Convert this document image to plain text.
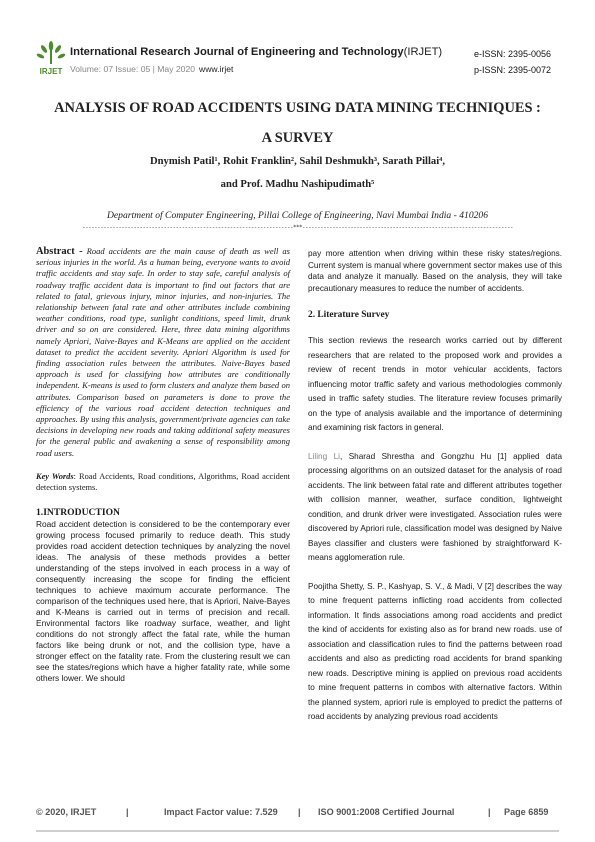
IRJET
International Research Journal of Engineering and Technology(IRJET)
Volume: 07 Issue: 05 | May 2020 www.irjet
e-ISSN: 2395-0056
p-ISSN: 2395-0072
ANALYSIS OF ROAD ACCIDENTS USING DATA MINING TECHNIQUES :
A SURVEY
Dnymish Patil¹, Rohit Franklin², Sahil Deshmukh³, Sarath Pillai⁴,
and Prof. Madhu Nashipudimath⁵
Department of Computer Engineering, Pillai College of Engineering, Navi Mumbai India - 410206
----------------------------------------------------------------------***----------------------------------------------------------------------

Abstract - Road accidents are the main cause of death as well as serious injuries in the world. As a human being, everyone wants to avoid traffic accidents and stay safe. In order to stay safe, careful analysis of roadway traffic accident data is important to find out factors that are related to fatal, grievous injury, minor injuries, and non-injuries. The relationship between fatal rate and other attributes include combining weather conditions, road type, sunlight conditions, speed limit, drunk driver and so on are considered. Here, three data mining algorithms namely Apriori, Naive-Bayes and K-Means are applied on the accident dataset to predict the accident severity. Apriori Algorithm is used for finding association rules between the attributes. Naive-Bayes based approach is used for classifying how attributes are conditionally independent. K-means is used to form clusters and analyze them based on attributes. Comparison based on parameters is done to prove the efficiency of the various road accident detection techniques and approaches. By using this analysis, government/private agencies can take decisions in developing new roads and taking additional safety measures for the general public and awakening a sense of responsibility among road users.

Key Words: Road Accidents, Road conditions, Algorithms, Road accident detection systems.

1.INTRODUCTION

Road accident detection is considered to be the contemporary ever growing process focused primarily to reduce death. This study provides road accident detection techniques by analyzing the novel ideas. The analysis of these methods provides a better understanding of the steps involved in each process in a way of consequently increasing the scope for finding the efficient techniques to achieve maximum accurate performance. The comparison of the techniques used here, that is Apriori, Naive-Bayes and K-Means is carried out in terms of precision and recall. Environmental factors like roadway surface, weather, and light conditions do not strongly affect the fatal rate, while the human factors like being drunk or not, and the collision type, have a stronger effect on the fatality rate. From the clustering result we can see the states/regions which have a higher fatality rate, while some others lower. We should

pay more attention when driving within these risky states/regions. Current system is manual where government sector makes use of this data and analyze it manually. Based on the analysis, they will take precautionary measures to reduce the number of accidents.

2. Literature Survey

This section reviews the research works carried out by different researchers that are related to the proposed work and provides a review of recent trends in motor vehicular accidents, factors influencing motor traffic safety and various methodologies commonly used in traffic safety studies. The literature review focuses primarily on the type of analysis available and the importance of determining and examining risk factors in general.

Liling Li, Sharad Shrestha and Gongzhu Hu [1] applied data processing algorithms on an outsized dataset for the analysis of road accidents. The link between fatal rate and different attributes together with collision manner, weather, surface condition, lightweight condition, and drunk driver were investigated. Association rules were discovered by Apriori rule, classification model was designed by Naive Bayes classifier and clusters were fashioned by straightforward K-means agglomeration rule.

Poojitha Shetty, S. P., Kashyap, S. V., & Madi, V [2] describes the way to mine frequent patterns inflicting road accidents from collected information. It finds associations among road accidents and predict the kind of accidents for existing also as for brand new roads. use of association and classification rules to find the patterns between road accidents and also as predicting road accidents for brand spanking new roads. Descriptive mining is applied on previous road accidents to mine frequent patterns in combos with alternative factors. Within the planned system, apriori rule is employed to predict the patterns of road accidents by analyzing previous road accidents

© 2020, IRJET	|	Impact Factor value: 7.529 | ISO 9001:2008 Certified Journal	| Page 6859
